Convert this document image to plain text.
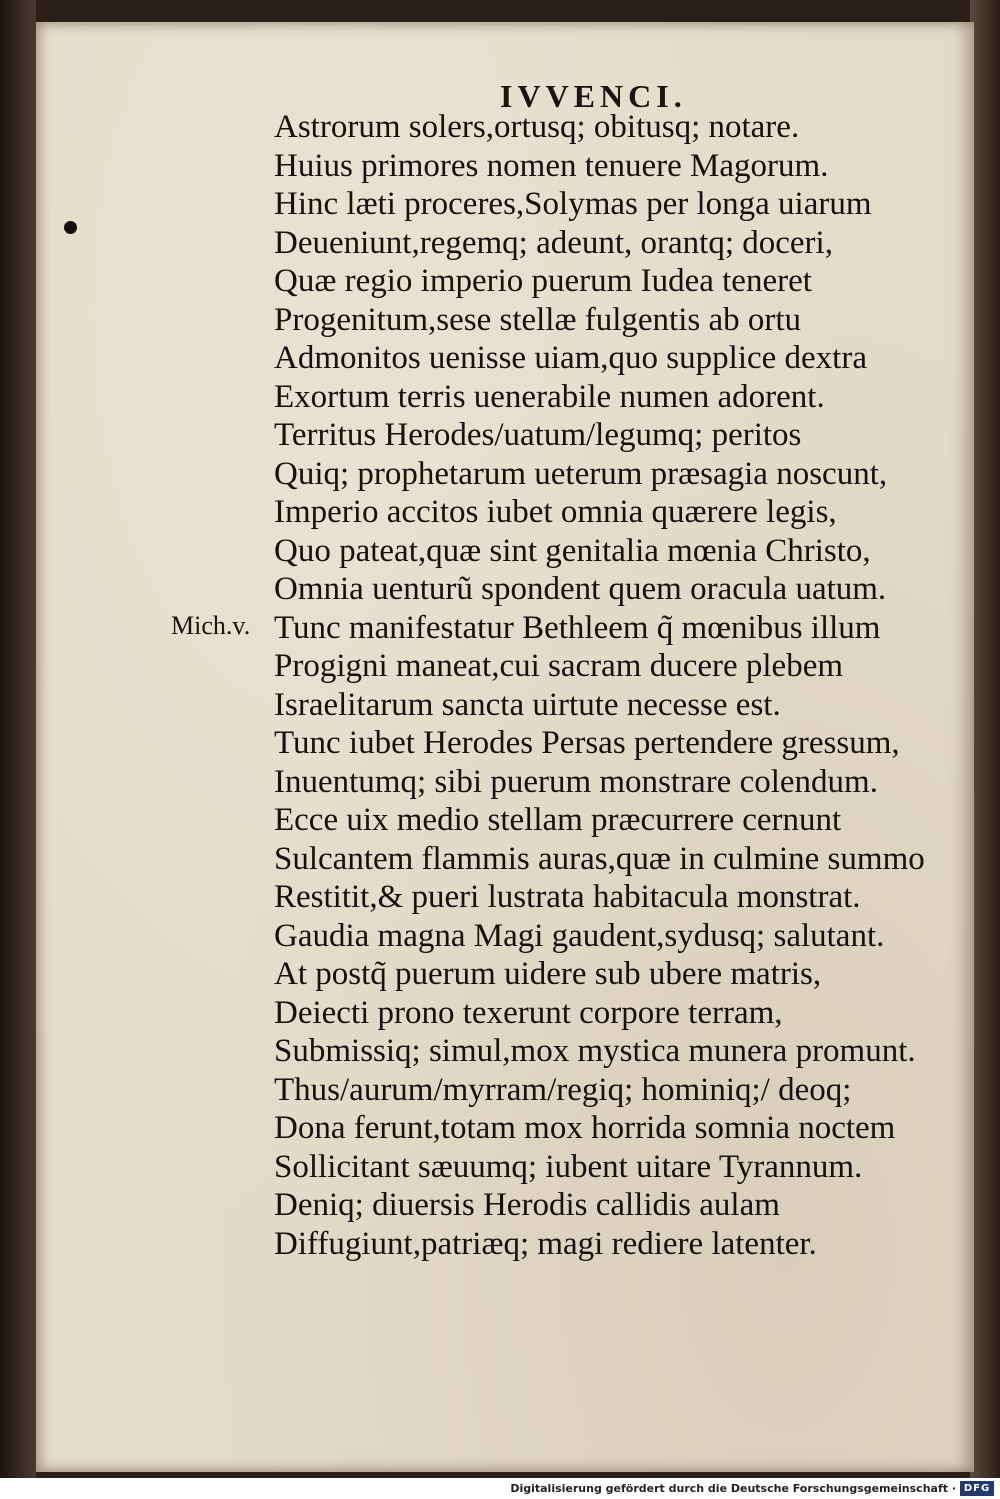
IVVENCI.
Mich.v.
Astrorum solers,ortusq; obitusq; notare.
Huius primores nomen tenuere Magorum.
Hinc læti proceres,Solymas per longa uiarum
Deueniunt,regemq; adeunt, orantq; doceri,
Quæ regio imperio puerum Iudea teneret
Progenitum,sese stellæ fulgentis ab ortu
Admonitos uenisse uiam,quo supplice dextra
Exortum terris uenerabile numen adorent.
Territus Herodes/uatum/legumq; peritos
Quiq; prophetarum ueterum præsagia noscunt,
Imperio accitos iubet omnia quærere legis,
Quo pateat,quæ sint genitalia mœnia Christo,
Omnia uenturũ spondent quem oracula uatum.
Tunc manifestatur Bethleem q̃ mœnibus illum
Progigni maneat,cui sacram ducere plebem
Israelitarum sancta uirtute necesse est.
Tunc iubet Herodes Persas pertendere gressum,
Inuentumq; sibi puerum monstrare colendum.
Ecce uix medio stellam præcurrere cernunt
Sulcantem flammis auras,quæ in culmine summo
Restitit,& pueri lustrata habitacula monstrat.
Gaudia magna Magi gaudent,sydusq; salutant.
At postq̃ puerum uidere sub ubere matris,
Deiecti prono texerunt corpore terram,
Submissiq; simul,mox mystica munera promunt.
Thus/aurum/myrram/regiq; hominiq;/ deoq;
Dona ferunt,totam mox horrida somnia noctem
Sollicitant sæuumq; iubent uitare Tyrannum.
Deniq; diuersis Herodis callidis aulam
Diffugiunt,patriæq; magi rediere latenter.
Digitalisierung gefördert durch die Deutsche Forschungsgemeinschaft · DFG
